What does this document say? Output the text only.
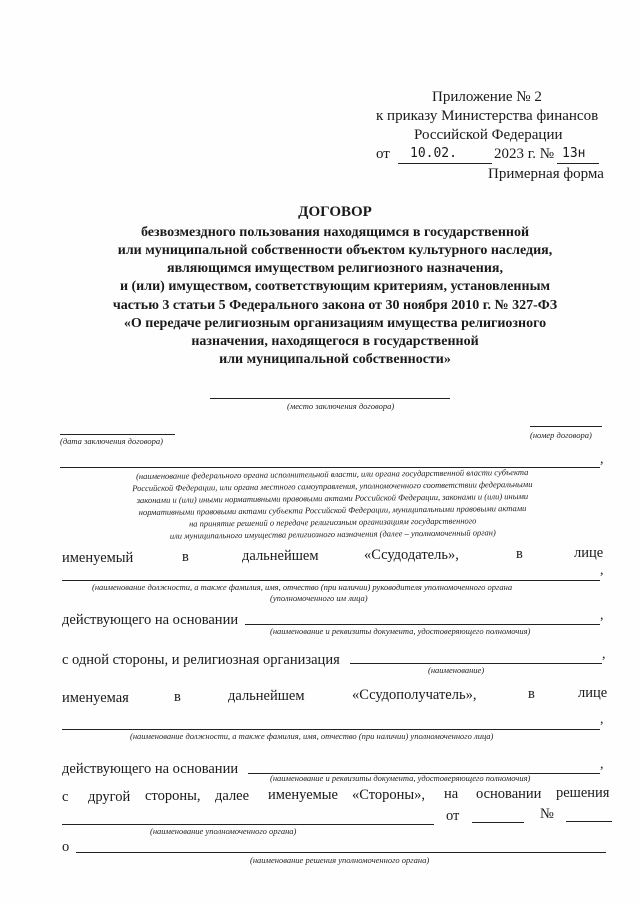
Приложение № 2
к приказу Министерства финансов
Российской Федерации
от 10.02. 2023 г. № 13н
Примерная форма
ДОГОВОР
безвозмездного пользования находящимся в государственной
или муниципальной собственности объектом культурного наследия,
являющимся имуществом религиозного назначения,
и (или) имуществом, соответствующим критериям, установленным
частью 3 статьи 5 Федерального закона от 30 ноября 2010 г. № 327-ФЗ
«О передаче религиозным организациям имущества религиозного
назначения, находящегося в государственной
или муниципальной собственности»
(место заключения договора)
(дата заключения договора)
(номер договора)
,
(наименование федерального органа исполнительной власти, или органа государственной власти субъекта
Российской Федерации, или органа местного самоуправления, уполномоченного соответствии федеральными
законами и (или) иными нормативными правовыми актами Российской Федерации, законами и (или) иными
нормативными правовыми актами субъекта Российской Федерации, муниципальными правовыми актами
на принятие решений о передаче религиозным организациям государственного
или муниципального имущества религиозного назначения (далее – уполномоченный орган)
именуемый	в	дальнейшем	«Ссудодатель»,	в	лице
,
(наименование должности, а также фамилия, имя, отчество (при наличии) руководителя уполномоченного органа
(уполномоченного им лица)
действующего на основании	,
(наименование и реквизиты документа, удостоверяющего полномочия)
с одной стороны, и религиозная организация	,
(наименование)
именуемая	в	дальнейшем	«Ссудополучатель»,	в	лице
,
(наименование должности, а также фамилия, имя, отчество (при наличии) уполномоченного лица)
действующего на основании	,
(наименование и реквизиты документа, удостоверяющего полномочия)
с другой стороны, далее именуемые «Стороны», на основании решения
(наименование уполномоченного органа)
от	№
о
(наименование решения уполномоченного органа)
